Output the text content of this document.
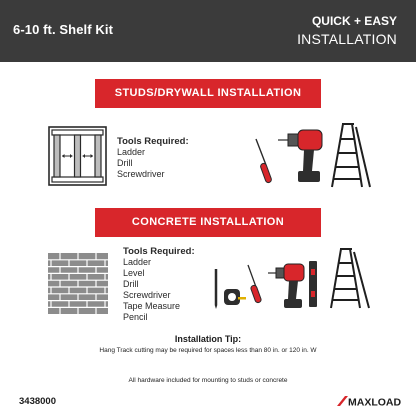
6-10 ft. Shelf Kit
QUICK + EASY
INSTALLATION
STUDS/DRYWALL INSTALLATION
Tools Required:
Ladder
Drill
Screwdriver
CONCRETE INSTALLATION
Tools Required:
Ladder
Level
Drill
Screwdriver
Tape Measure
Pencil
Installation Tip:
Hang Track cutting may be required for spaces less than 80 in. or 120 in. W
All hardware included for mounting to studs or concrete
3438000	MAXLOAD
